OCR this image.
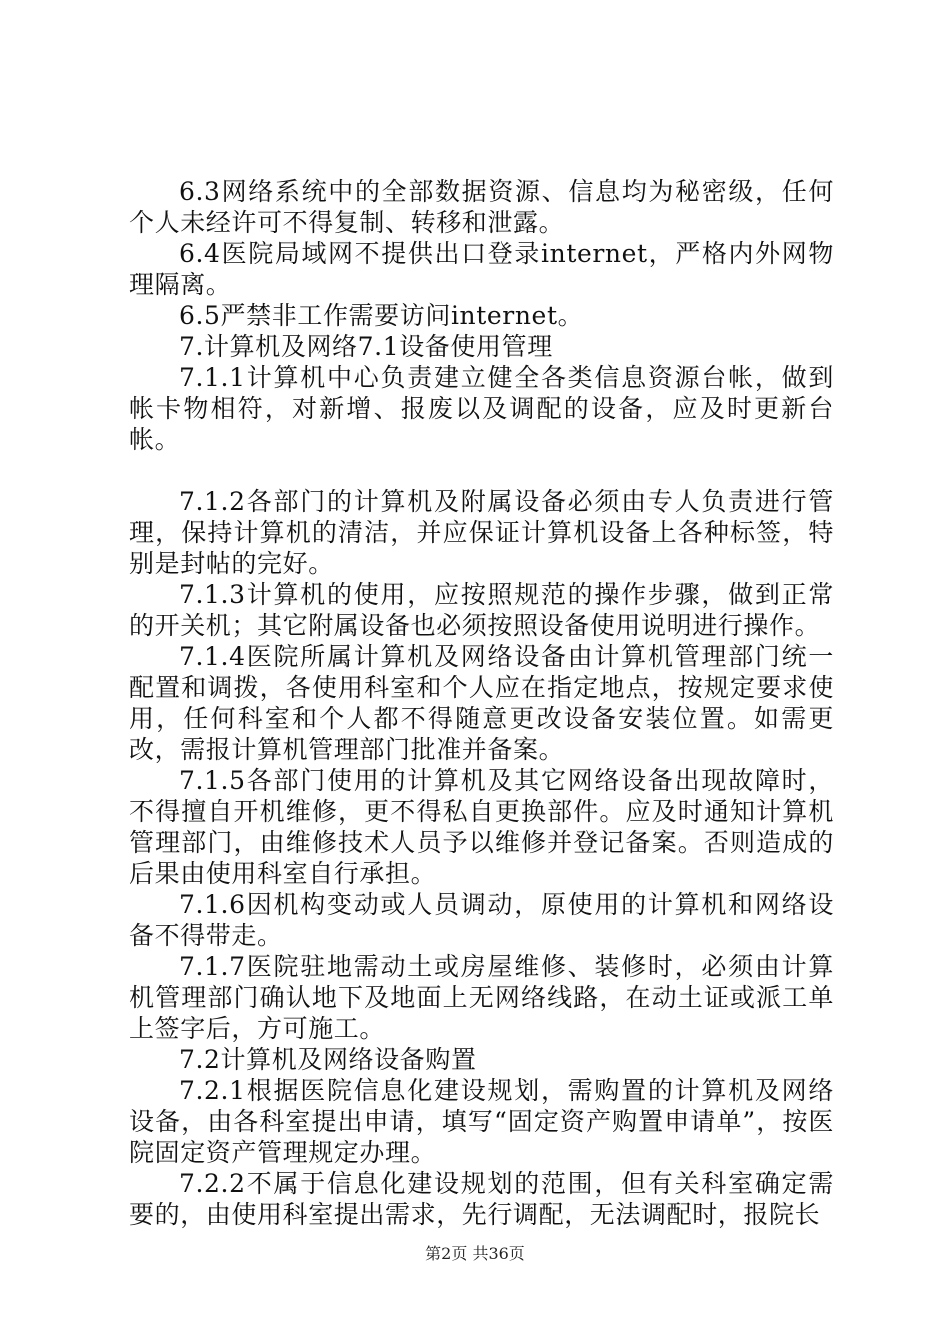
6.3网络系统中的全部数据资源、信息均为秘密级，任何个人未经许可不得复制、转移和泄露。

6.4医院局域网不提供出口登录internet，严格内外网物理隔离。

6.5严禁非工作需要访问internet。

7.计算机及网络7.1设备使用管理

7.1.1计算机中心负责建立健全各类信息资源台帐，做到帐卡物相符，对新增、报废以及调配的设备，应及时更新台帐。

7.1.2各部门的计算机及附属设备必须由专人负责进行管理，保持计算机的清洁，并应保证计算机设备上各种标签，特别是封帖的完好。

7.1.3计算机的使用，应按照规范的操作步骤，做到正常的开关机；其它附属设备也必须按照设备使用说明进行操作。

7.1.4医院所属计算机及网络设备由计算机管理部门统一配置和调拨，各使用科室和个人应在指定地点，按规定要求使用，任何科室和个人都不得随意更改设备安装位置。如需更改，需报计算机管理部门批准并备案。

7.1.5各部门使用的计算机及其它网络设备出现故障时，不得擅自开机维修，更不得私自更换部件。应及时通知计算机管理部门，由维修技术人员予以维修并登记备案。否则造成的后果由使用科室自行承担。

7.1.6因机构变动或人员调动，原使用的计算机和网络设备不得带走。

7.1.7医院驻地需动土或房屋维修、装修时，必须由计算机管理部门确认地下及地面上无网络线路，在动土证或派工单上签字后，方可施工。

7.2计算机及网络设备购置

7.2.1根据医院信息化建设规划，需购置的计算机及网络设备，由各科室提出申请，填写“固定资产购置申请单”，按医院固定资产管理规定办理。

7.2.2不属于信息化建设规划的范围，但有关科室确定需要的，由使用科室提出需求，先行调配，无法调配时，报院长

第2页 共36页
